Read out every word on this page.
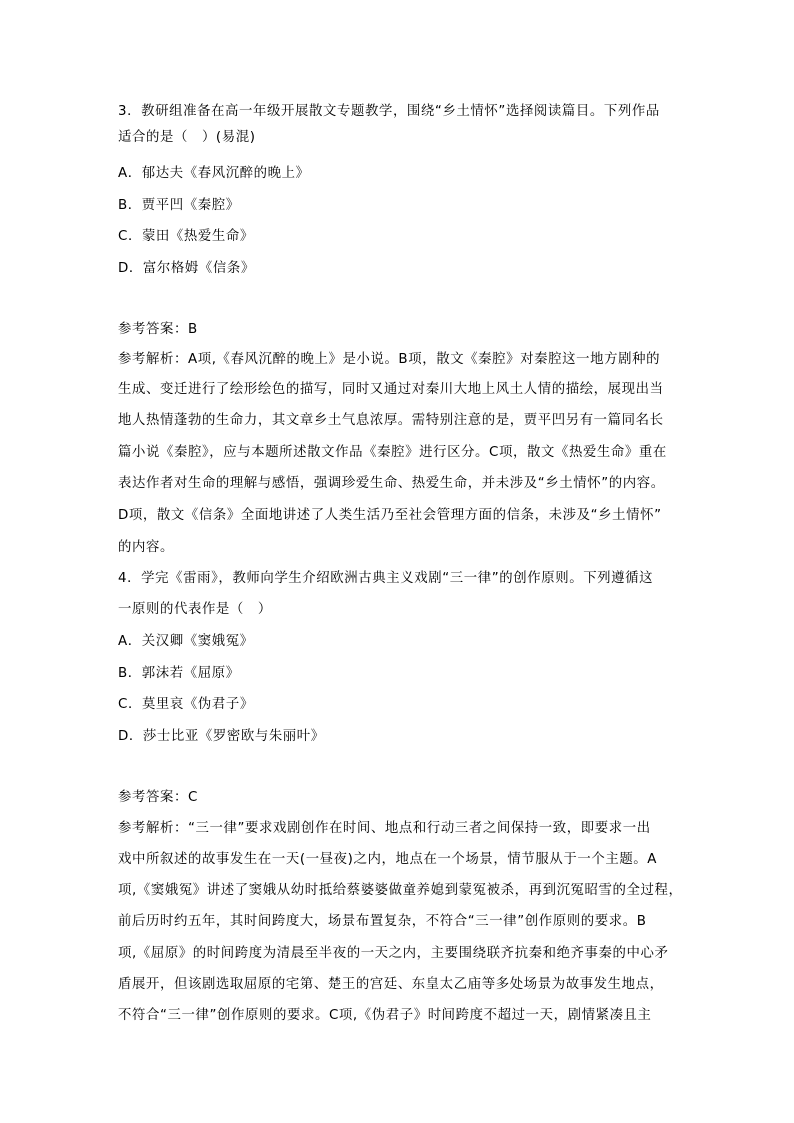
3．教研组准备在高一年级开展散文专题教学，围绕“乡土情怀”选择阅读篇目。下列作品
适合的是（　）(易混)
A．郁达夫《春风沉醉的晚上》
B．贾平凹《秦腔》
C．蒙田《热爱生命》
D．富尔格姆《信条》
参考答案：B
参考解析：A项,《春风沉醉的晚上》是小说。B项，散文《秦腔》对秦腔这一地方剧种的
生成、变迁进行了绘形绘色的描写，同时又通过对秦川大地上风土人情的描绘，展现出当
地人热情蓬勃的生命力，其文章乡土气息浓厚。需特别注意的是，贾平凹另有一篇同名长
篇小说《秦腔》，应与本题所述散文作品《秦腔》进行区分。C项，散文《热爱生命》重在
表达作者对生命的理解与感悟，强调珍爱生命、热爱生命，并未涉及“乡土情怀”的内容。
D项，散文《信条》全面地讲述了人类生活乃至社会管理方面的信条，未涉及“乡土情怀”
的内容。
4．学完《雷雨》，教师向学生介绍欧洲古典主义戏剧“三一律”的创作原则。下列遵循这
一原则的代表作是（　）
A．关汉卿《窦娥冤》
B．郭沫若《屈原》
C．莫里哀《伪君子》
D．莎士比亚《罗密欧与朱丽叶》
参考答案：C
参考解析：“三一律”要求戏剧创作在时间、地点和行动三者之间保持一致，即要求一出
戏中所叙述的故事发生在一天(一昼夜)之内，地点在一个场景，情节服从于一个主题。A
项,《窦娥冤》讲述了窦娥从幼时抵给蔡婆婆做童养媳到蒙冤被杀，再到沉冤昭雪的全过程，
前后历时约五年，其时间跨度大，场景布置复杂，不符合“三一律”创作原则的要求。B
项,《屈原》的时间跨度为清晨至半夜的一天之内，主要围绕联齐抗秦和绝齐事秦的中心矛
盾展开，但该剧选取屈原的宅第、楚王的宫廷、东皇太乙庙等多处场景为故事发生地点，
不符合“三一律”创作原则的要求。C项,《伪君子》时间跨度不超过一天，剧情紧凑且主
